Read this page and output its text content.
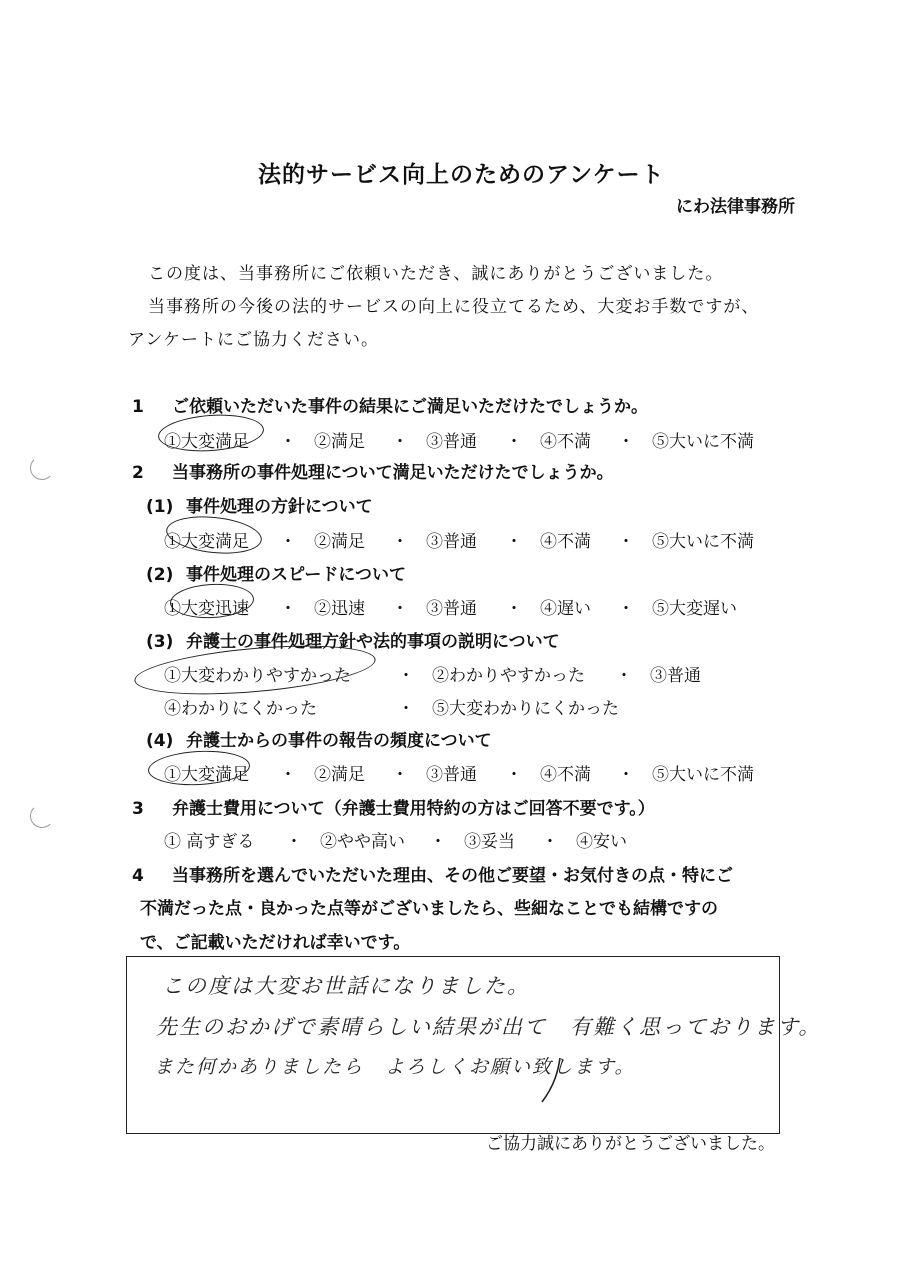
法的サービス向上のためのアンケート
にわ法律事務所
この度は、当事務所にご依頼いただき、誠にありがとうございました。
当事務所の今後の法的サービスの向上に役立てるため、大変お手数ですが、
アンケートにご協力ください。
1 ご依頼いただいた事件の結果にご満足いただけたでしょうか。
①大変満足 ・ ②満足 ・ ③普通 ・ ④不満 ・ ⑤大いに不満
2 当事務所の事件処理について満足いただけたでしょうか。
(1) 事件処理の方針について
①大変満足 ・ ②満足 ・ ③普通 ・ ④不満 ・ ⑤大いに不満
(2) 事件処理のスピードについて
①大変迅速 ・ ②迅速 ・ ③普通 ・ ④遅い ・ ⑤大変遅い
(3) 弁護士の事件処理方針や法的事項の説明について
①大変わかりやすかった	・ ②わかりやすかった ・ ③普通
④わかりにくかった	・ ⑤大変わかりにくかった
(4) 弁護士からの事件の報告の頻度について
①大変満足 ・ ②満足 ・ ③普通 ・ ④不満 ・ ⑤大いに不満
3 弁護士費用について（弁護士費用特約の方はご回答不要です。）
① 高すぎる ・ ②やや高い ・ ③妥当 ・ ④安い
4 当事務所を選んでいただいた理由、その他ご要望・お気付きの点・特にご
不満だった点・良かった点等がございましたら、些細なことでも結構ですの
で、ご記載いただければ幸いです。
この度は大変お世話になりました。
先生のおかげで素晴らしい結果が出て　有難く思っております。
また何かありましたら　よろしくお願い致します。
ご協力誠にありがとうございました。
